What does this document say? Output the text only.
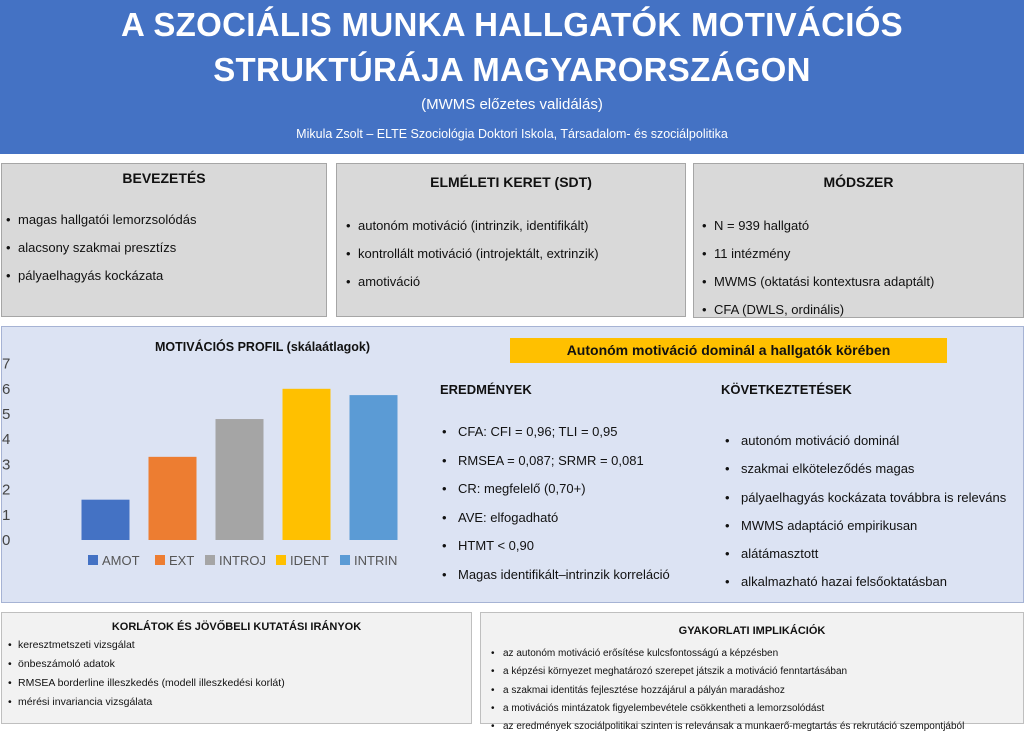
A SZOCIÁLIS MUNKA HALLGATÓK MOTIVÁCIÓS
STRUKTÚRÁJA MAGYARORSZÁGON
(MWMS előzetes validálás)
Mikula Zsolt – ELTE Szociológia Doktori Iskola, Társadalom- és szociálpolitika
BEVEZETÉS
• magas hallgatói lemorzsolódás
• alacsony szakmai presztízs
• pályaelhagyás kockázata
ELMÉLETI KERET (SDT)
• autonóm motiváció (intrinzik, identifikált)
• kontrollált motiváció (introjektált, extrinzik)
• amotiváció
MÓDSZER
• N = 939 hallgató
• 11 intézmény
• MWMS (oktatási kontextusra adaptált)
• CFA (DWLS, ordinális)
MOTIVÁCIÓS PROFIL (skálaátlagok)
0
1
2
3
4
5
6
7
AMOT EXT INTROJ IDENT INTRIN
Autonóm motiváció dominál a hallgatók körében
EREDMÉNYEK
• CFA: CFI = 0,96; TLI = 0,95
• RMSEA = 0,087; SRMR = 0,081
• CR: megfelelő (0,70+)
• AVE: elfogadható
• HTMT < 0,90
• Magas identifikált–intrinzik korreláció
KÖVETKEZTETÉSEK
• autonóm motiváció dominál
• szakmai elköteleződés magas
• pályaelhagyás kockázata továbbra is releváns
• MWMS adaptáció empirikusan
• alátámasztott
• alkalmazható hazai felsőoktatásban
KORLÁTOK ÉS JÖVŐBELI KUTATÁSI IRÁNYOK
• keresztmetszeti vizsgálat
• önbeszámoló adatok
• RMSEA borderline illeszkedés (modell illeszkedési korlát)
• mérési invariancia vizsgálata
GYAKORLATI IMPLIKÁCIÓK
• az autonóm motiváció erősítése kulcsfontosságú a képzésben
• a képzési környezet meghatározó szerepet játszik a motiváció fenntartásában
• a szakmai identitás fejlesztése hozzájárul a pályán maradáshoz
• a motivációs mintázatok figyelembevétele csökkentheti a lemorzsolódást
• az eredmények szociálpolitikai szinten is relevánsak a munkaerő-megtartás és rekrutáció szempontjából
